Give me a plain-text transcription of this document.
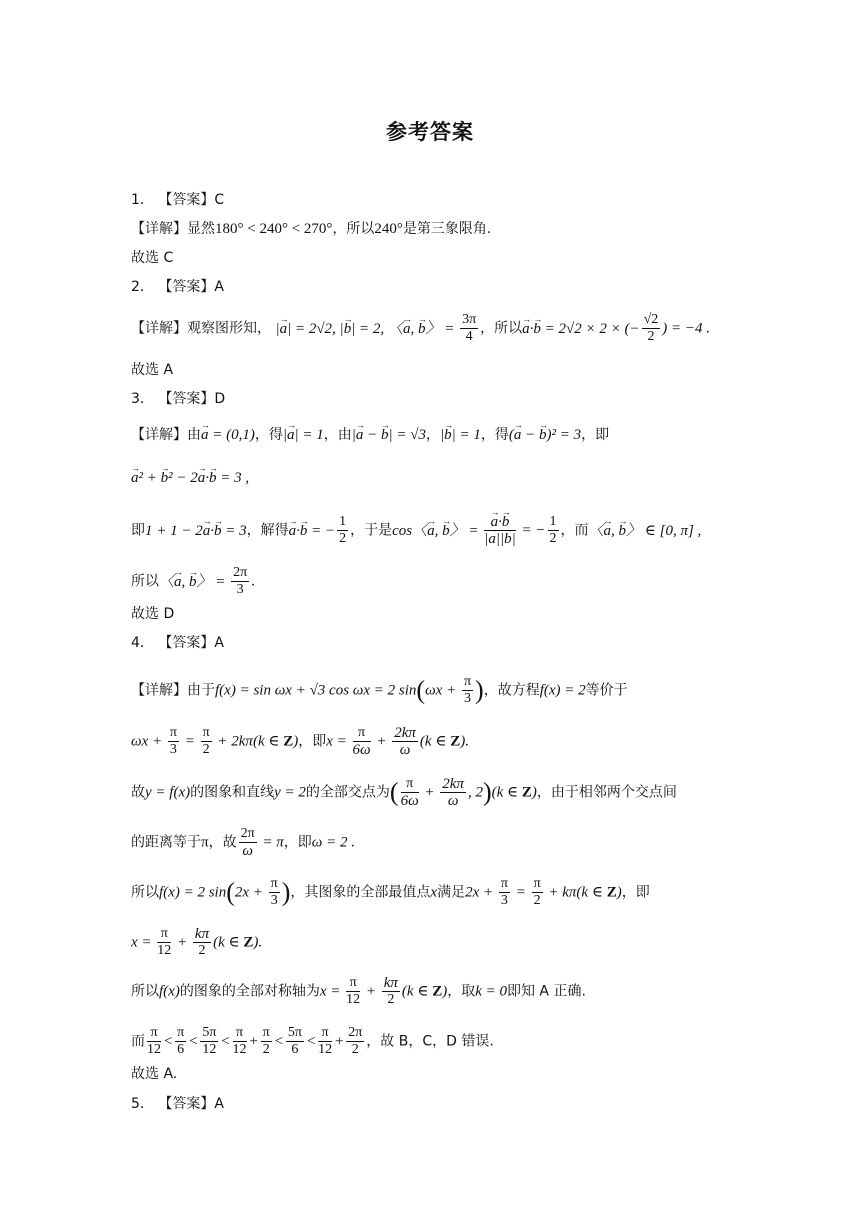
参考答案
1． 【答案】C
【详解】显然180° < 240° < 270°，所以240°是第三象限角.
故选 C
2． 【答案】A
【详解】观察图形知， |→ a| = 2√2, |→ b| = 2, 〈→ a, → b〉 = $\frac{3\pi}{4}$ ，所以→ a·→ b = 2√2 × 2 × (− $\frac{√2}{2}$ ) = −4 .
故选 A
3． 【答案】D
【详解】由→ a = (0,1)，得|→ a| = 1，由|→ a − → b| = √3，|→ b| = 1，得(→ a − → b)² = 3，即
→ a² + → b² − 2→ a·→ b = 3 ,
即1 + 1 − 2→ a·→ b = 3，解得→ a·→ b = − $\frac{1}{2}$ ，于是cos〈→ a, → b〉 =
→ $\frac{a\cdot\to b}{|\to a||\to b|}$ = − $\frac{1}{2}$ ，而〈→ a, → b〉 ∈ [0, π] ,
所以〈→ a, → b〉 = $\frac{2\pi}{3}$ .
故选 D
4． 【答案】A
【详解】由于f(x) = sin ωx + √3 cos ωx = 2 $\sin(\omega x + \frac{\pi}{3}$ )，故方程f(x) = 2等价于
$\omega x + \frac{\pi}{3} = \frac{\pi}{2} + 2k\pi(k$ ∈ Z)，即$x = \frac{\pi}{6\omega} + \frac{2k\pi}{\omega} (k$ ∈ Z).
故y = f(x)的图象和直线y = 2的全部交点为( $\frac{\pi}{6\omega} + \frac{2k\pi}{\omega}$ , 2)(k ∈ Z)，由于相邻两个交点间
的距离等于π，故 $\frac{2\pi}{\omega} = \pi$，即ω = 2 .
所以f(x) = 2 $\sin(2x + \frac{\pi}{3}$ )，其图象的全部最值点x满足$2x + \frac{\pi}{3} = \frac{\pi}{2} + k\pi(k$ ∈ Z)，即
$x = \frac{\pi}{12} + \frac{k\pi}{2} (k$ ∈ Z).
所以f(x)的图象的全部对称轴为$x = \frac{\pi}{12} + \frac{k\pi}{2} (k$ ∈ Z)，取k = 0即知 A 正确.
而 $\frac{\pi}{12} < \frac{\pi}{6} < \frac{5\pi}{12} < \frac{\pi}{12} + \frac{\pi}{2} < \frac{5\pi}{6} < \frac{\pi}{12} + \frac{2\pi}{2}$ ，故 B，C，D 错误.
故选 A.
5． 【答案】A
